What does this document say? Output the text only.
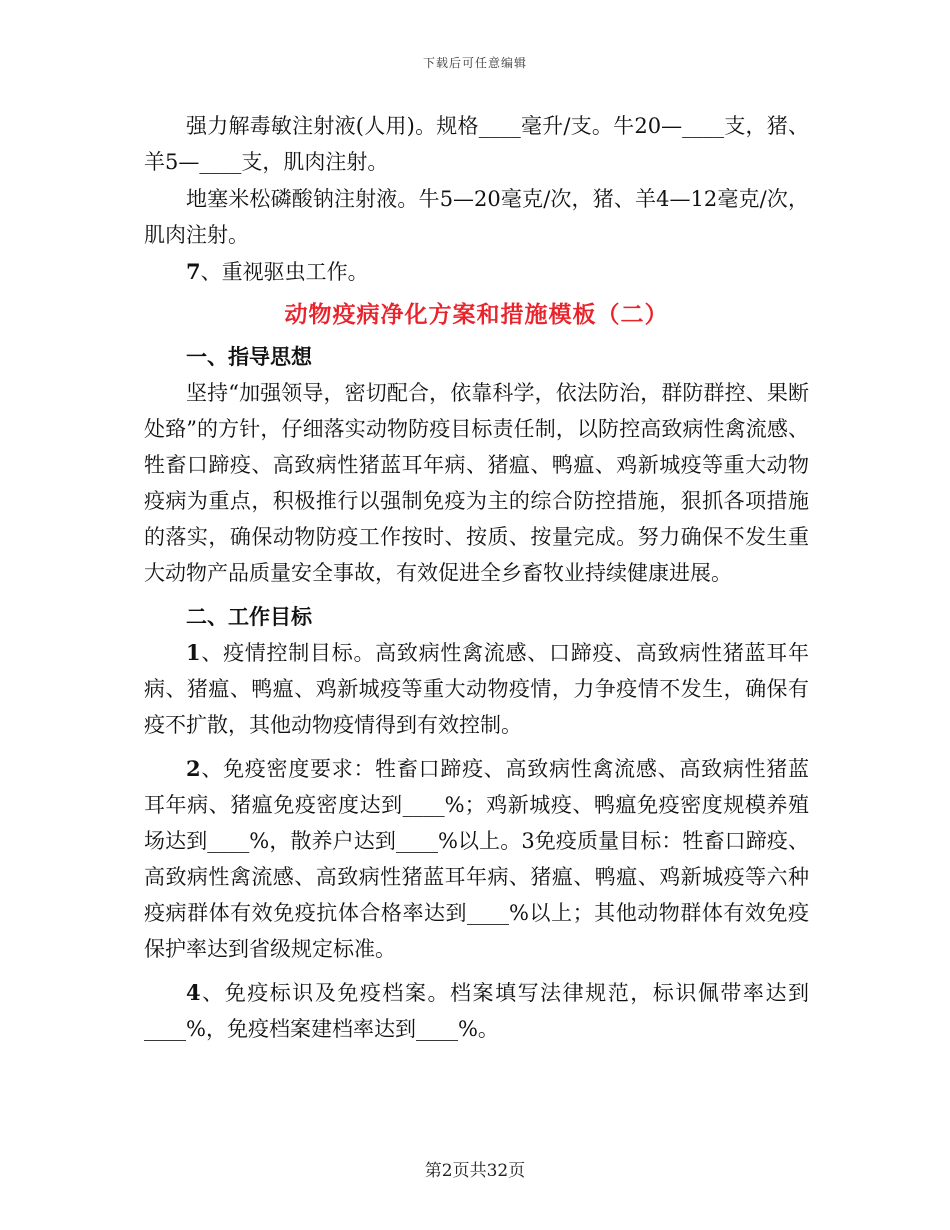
下载后可任意编辑

强力解毒敏注射液(人用)。规格____毫升/支。牛20—____支，猪、羊5—____支，肌肉注射。

地塞米松磷酸钠注射液。牛5—20毫克/次，猪、羊4—12毫克/次，肌肉注射。

7、重视驱虫工作。

动物疫病净化方案和措施模板（二）

一、指导思想

坚持“加强领导，密切配合，依靠科学，依法防治，群防群控、果断处臵”的方针，仔细落实动物防疫目标责任制，以防控高致病性禽流感、牲畜口蹄疫、高致病性猪蓝耳年病、猪瘟、鸭瘟、鸡新城疫等重大动物疫病为重点，积极推行以强制免疫为主的综合防控措施，狠抓各项措施的落实，确保动物防疫工作按时、按质、按量完成。努力确保不发生重大动物产品质量安全事故，有效促进全乡畜牧业持续健康进展。

二、工作目标

1、疫情控制目标。高致病性禽流感、口蹄疫、高致病性猪蓝耳年病、猪瘟、鸭瘟、鸡新城疫等重大动物疫情，力争疫情不发生，确保有疫不扩散，其他动物疫情得到有效控制。

2、免疫密度要求：牲畜口蹄疫、高致病性禽流感、高致病性猪蓝耳年病、猪瘟免疫密度达到____%；鸡新城疫、鸭瘟免疫密度规模养殖场达到____%，散养户达到____%以上。3免疫质量目标：牲畜口蹄疫、高致病性禽流感、高致病性猪蓝耳年病、猪瘟、鸭瘟、鸡新城疫等六种疫病群体有效免疫抗体合格率达到____%以上；其他动物群体有效免疫保护率达到省级规定标准。

4、免疫标识及免疫档案。档案填写法律规范，标识佩带率达到____%，免疫档案建档率达到____%。

第2页共32页
